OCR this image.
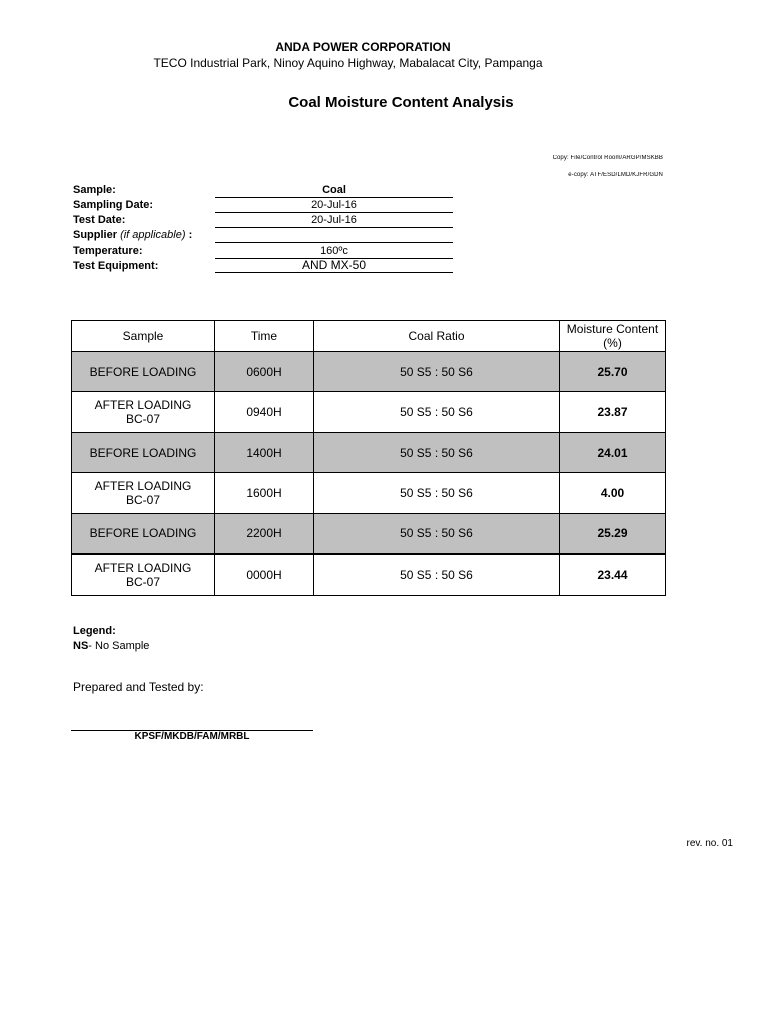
ANDA POWER CORPORATION
TECO Industrial Park, Ninoy Aquino Highway, Mabalacat City, Pampanga
Coal Moisture Content Analysis
Copy: File/Control Room/ARGP/MSKBB
e-copy: ATF/ESD/LMD/KJFR/GDN
Sample:	Coal
Sampling Date:	20-Jul-16
Test Date:	20-Jul-16
Supplier (if applicable) :
Temperature:	160ºc
Test Equipment:	AND MX-50
Sample	Time	Coal Ratio	Moisture Content
(%)

BEFORE LOADING	0600H	50 S5 : 50 S6	25.70

AFTER LOADING
BC-07	0940H	50 S5 : 50 S6	23.87

BEFORE LOADING	1400H	50 S5 : 50 S6	24.01

AFTER LOADING
BC-07	1600H	50 S5 : 50 S6	4.00

BEFORE LOADING	2200H	50 S5 : 50 S6	25.29

AFTER LOADING
BC-07	0000H	50 S5 : 50 S6	23.44
Legend:
NS- No Sample
Prepared and Tested by:
KPSF/MKDB/FAM/MRBL
rev. no. 01
